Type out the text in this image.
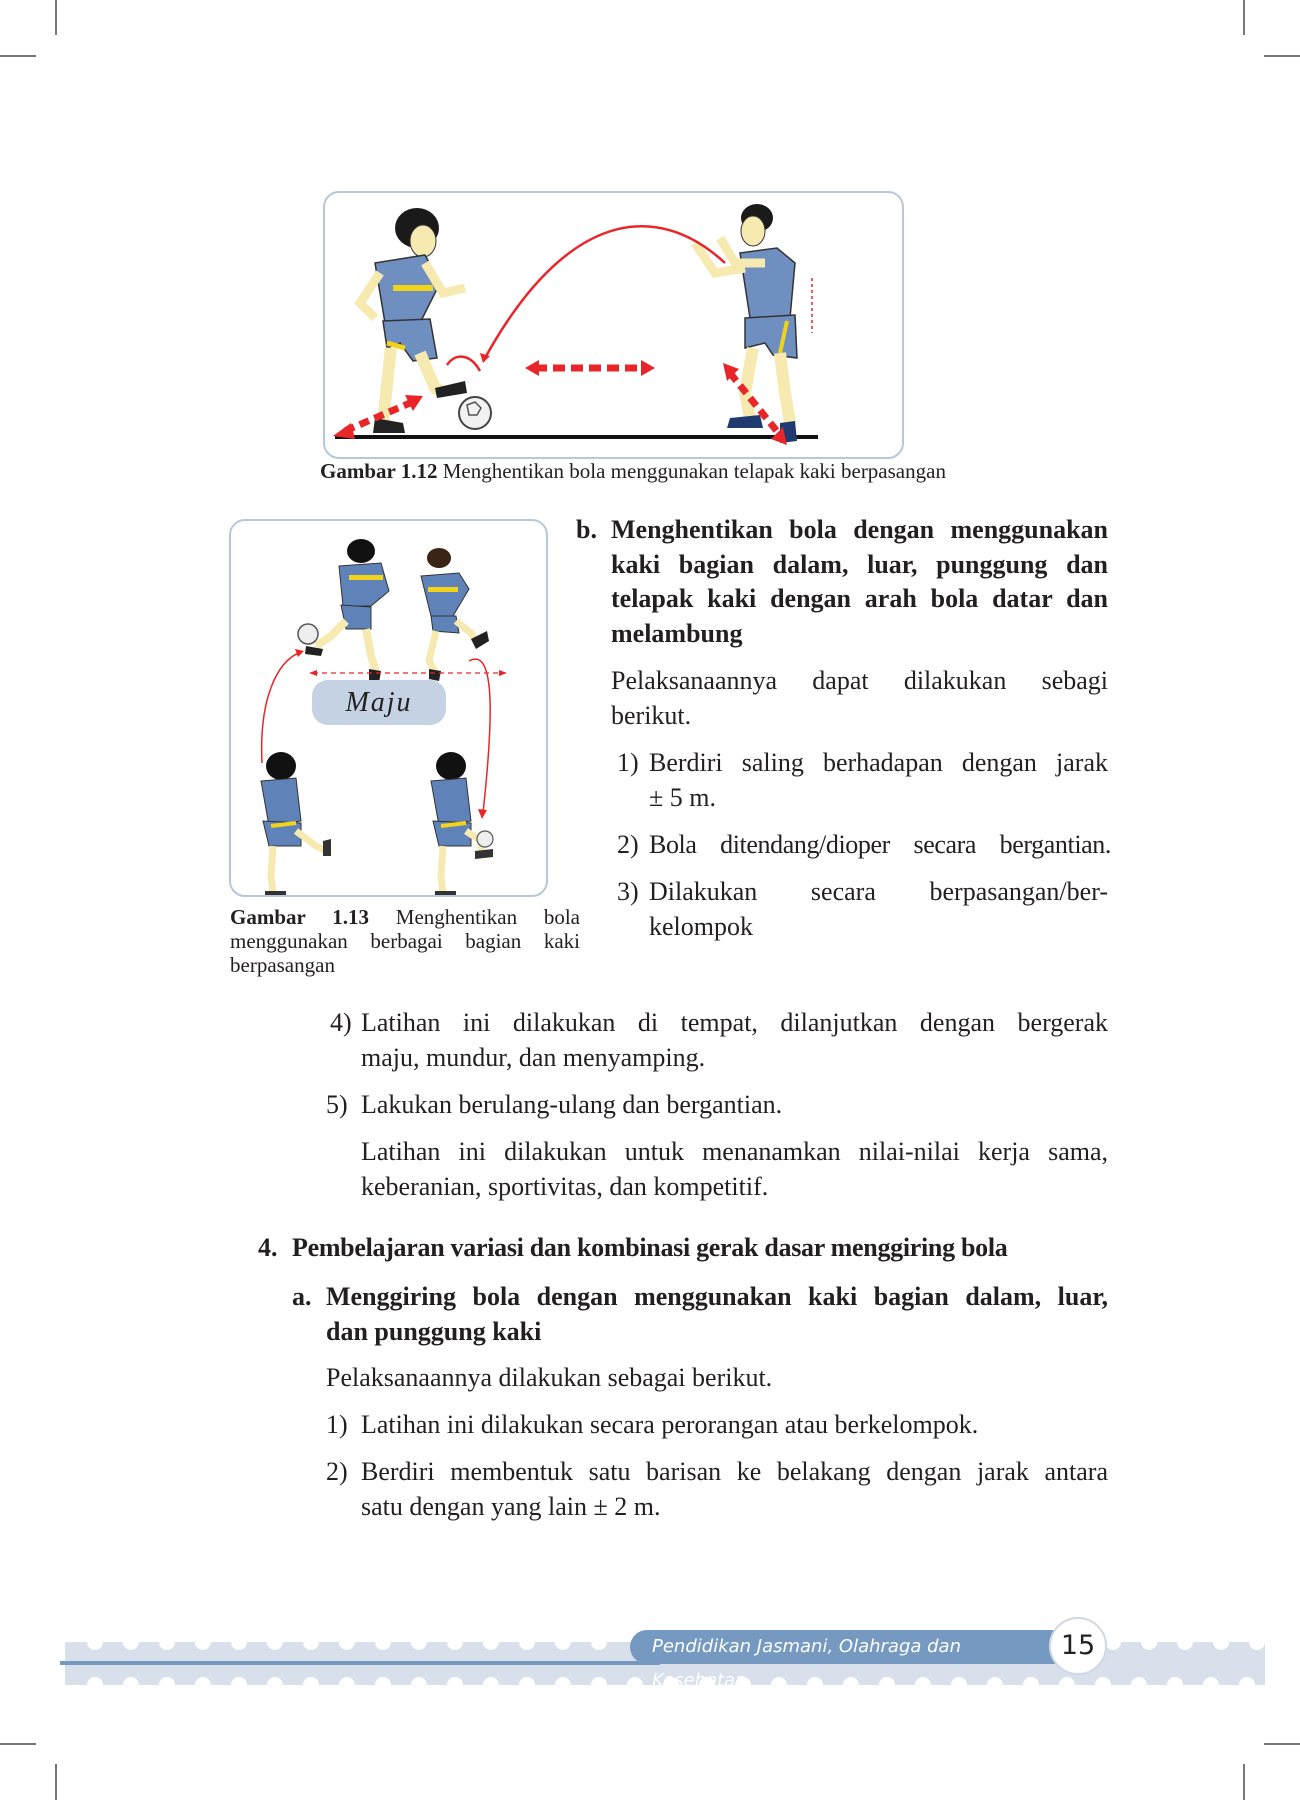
Gambar 1.12 Menghentikan bola menggunakan telapak kaki berpasangan
Maju
Gambar 1.13 Menghentikan bola menggunakan berbagai bagian kaki berpasangan
b. Menghentikan bola dengan menggunakan
kaki bagian dalam, luar, punggung dan
telapak kaki dengan arah bola datar dan
melambung
Pelaksanaannya dapat dilakukan sebagi
berikut.
1) Berdiri saling berhadapan dengan jarak
± 5 m.
2) Bola ditendang/dioper secara bergantian.
3) Dilakukan secara berpasangan/ber-
kelompok
4) Latihan ini dilakukan di tempat, dilanjutkan dengan bergerak
maju, mundur, dan menyamping.
5) Lakukan berulang-ulang dan bergantian.
Latihan ini dilakukan untuk menanamkan nilai-nilai kerja sama,
keberanian, sportivitas, dan kompetitif.
4. Pembelajaran variasi dan kombinasi gerak dasar menggiring bola
a. Menggiring bola dengan menggunakan kaki bagian dalam, luar,
dan punggung kaki
Pelaksanaannya dilakukan sebagai berikut.
1) Latihan ini dilakukan secara perorangan atau berkelompok.
2) Berdiri membentuk satu barisan ke belakang dengan jarak antara
satu dengan yang lain ± 2 m.
Pendidikan Jasmani, Olahraga dan Kesehatan
15
